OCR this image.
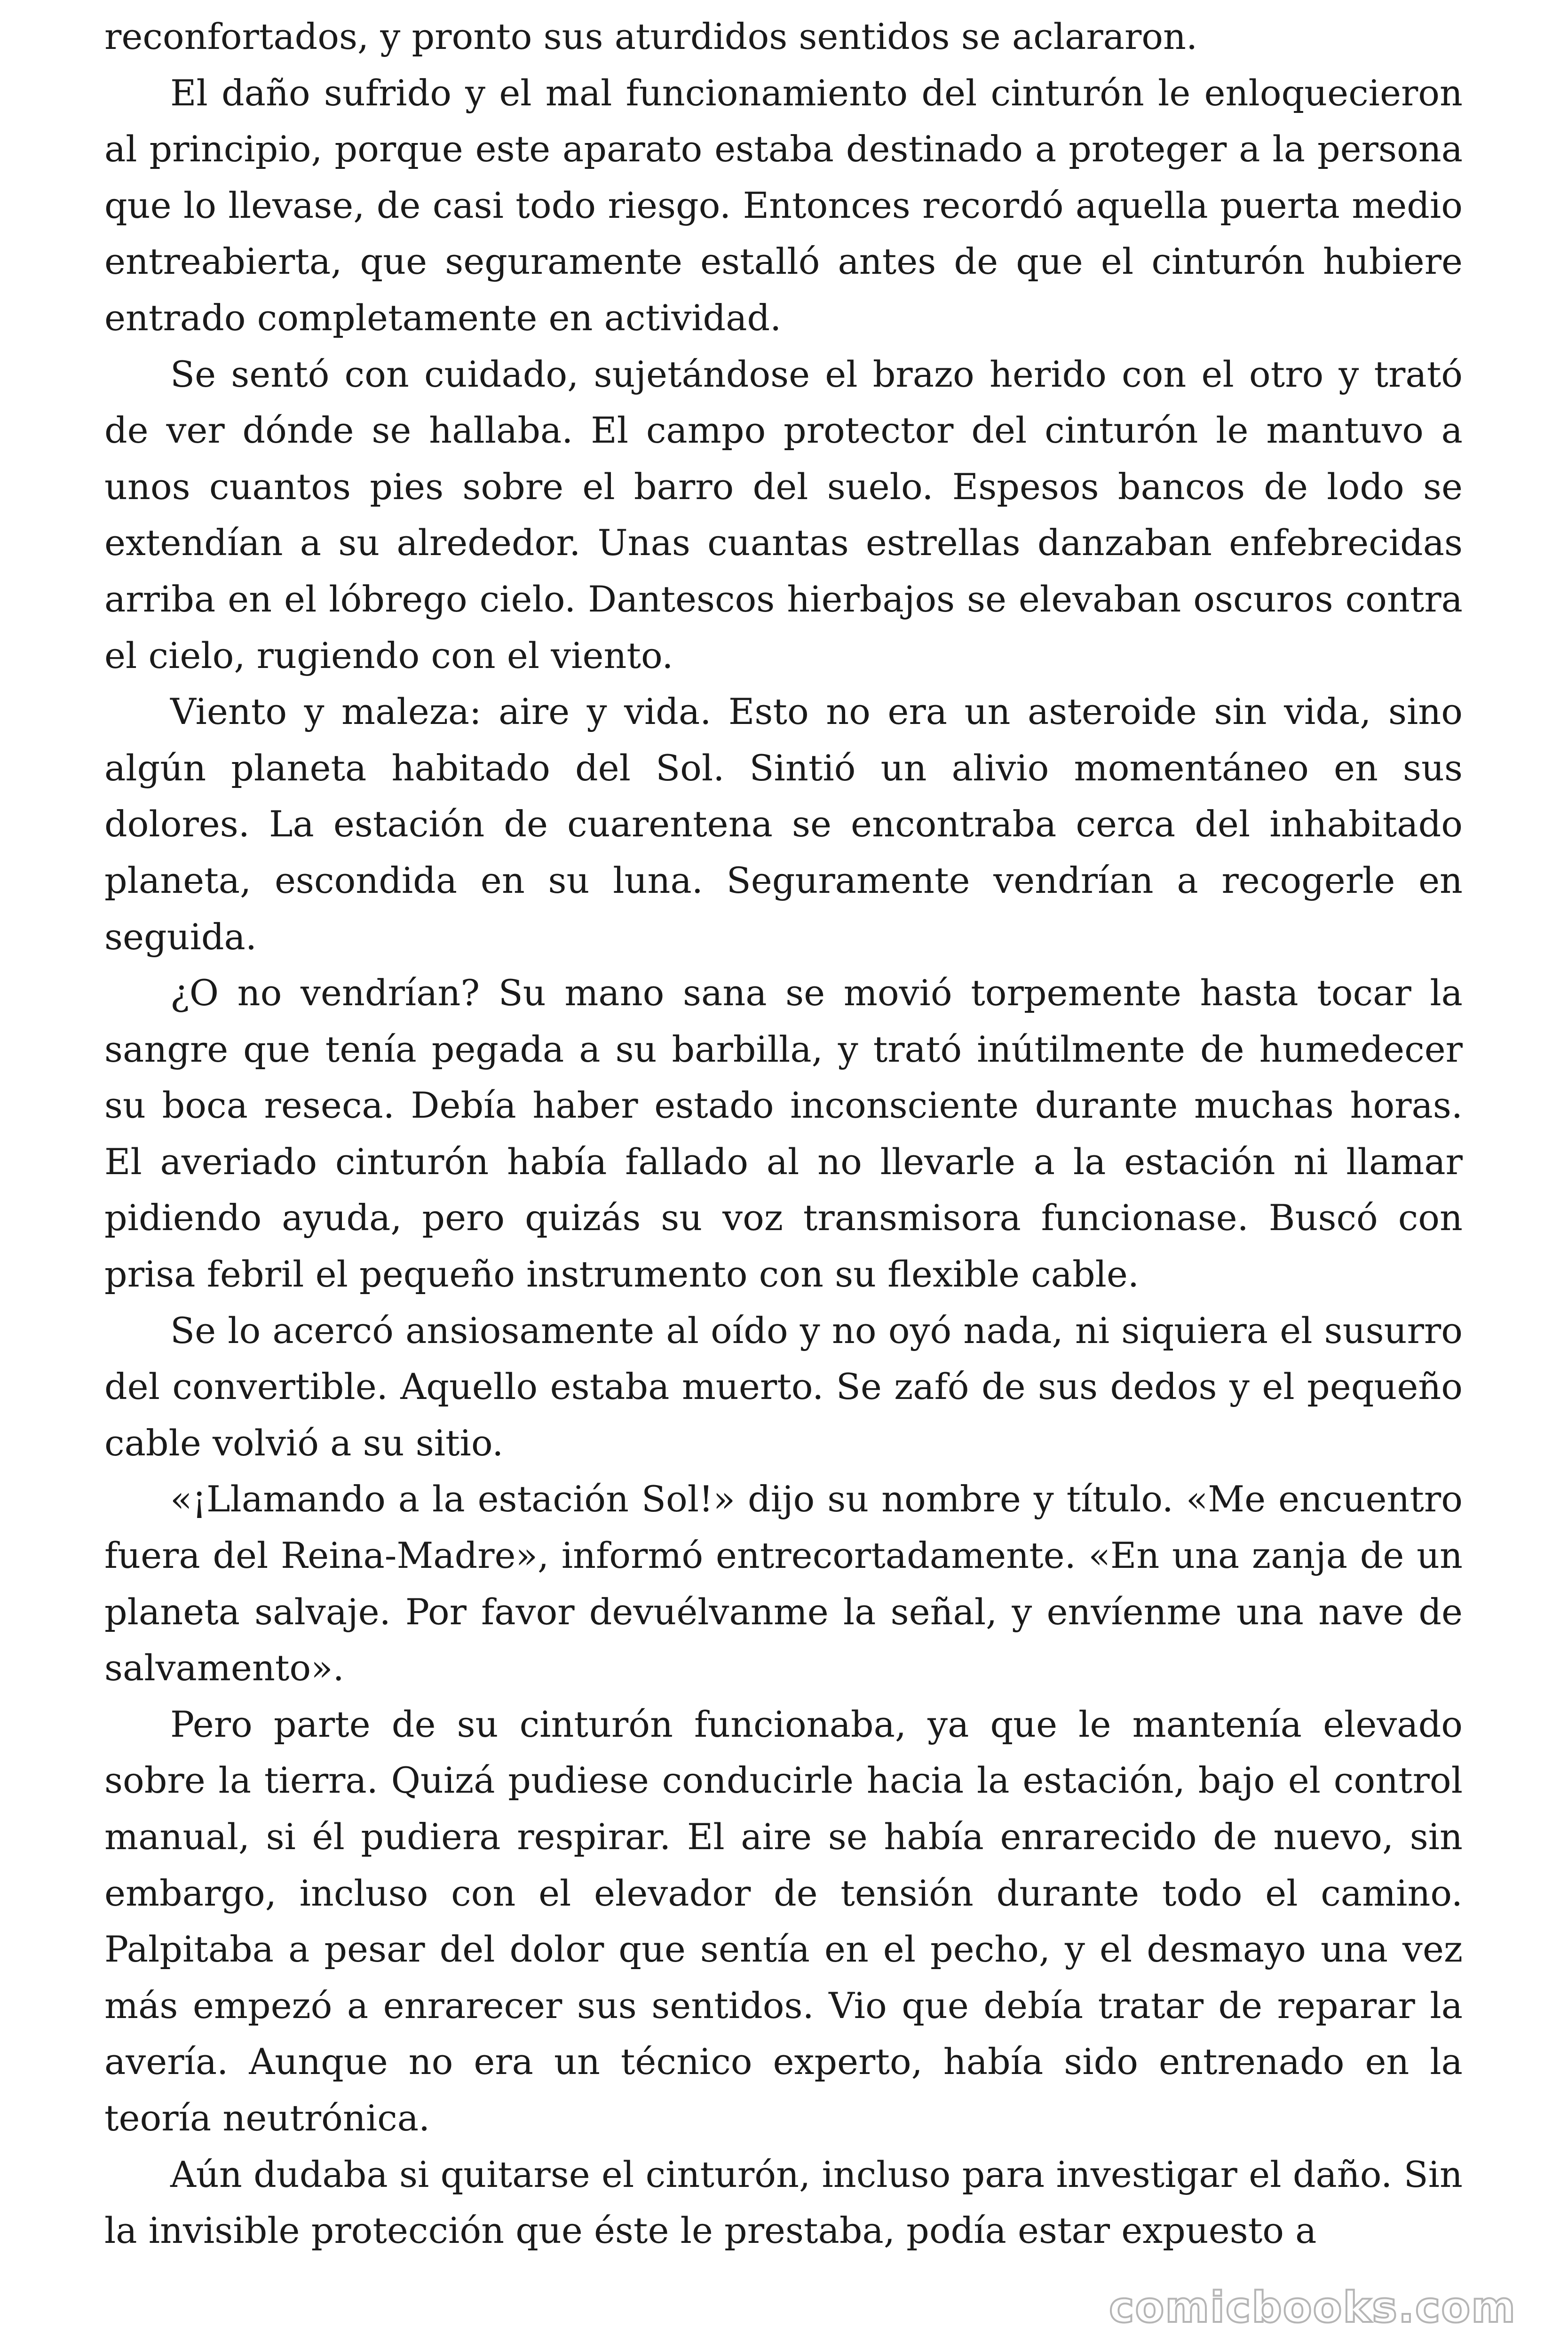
reconfortados, y pronto sus aturdidos sentidos se aclararon.

El daño sufrido y el mal funcionamiento del cinturón le enloquecieron al principio, porque este aparato estaba destinado a proteger a la persona que lo llevase, de casi todo riesgo. Entonces recordó aquella puerta medio entreabierta, que seguramente estalló antes de que el cinturón hubiere entrado completamente en actividad.

Se sentó con cuidado, sujetándose el brazo herido con el otro y trató de ver dónde se hallaba. El campo protector del cinturón le mantuvo a unos cuantos pies sobre el barro del suelo. Espesos bancos de lodo se extendían a su alrededor. Unas cuantas estrellas danzaban enfebrecidas arriba en el lóbrego cielo. Dantescos hierbajos se elevaban oscuros contra el cielo, rugiendo con el viento.

Viento y maleza: aire y vida. Esto no era un asteroide sin vida, sino algún planeta habitado del Sol. Sintió un alivio momentáneo en sus dolores. La estación de cuarentena se encontraba cerca del inhabitado planeta, escondida en su luna. Seguramente vendrían a recogerle en seguida.

¿O no vendrían? Su mano sana se movió torpemente hasta tocar la sangre que tenía pegada a su barbilla, y trató inútilmente de humedecer su boca reseca. Debía haber estado inconsciente durante muchas horas. El averiado cinturón había fallado al no llevarle a la estación ni llamar pidiendo ayuda, pero quizás su voz transmisora funcionase. Buscó con prisa febril el pequeño instrumento con su flexible cable.

Se lo acercó ansiosamente al oído y no oyó nada, ni siquiera el susurro del convertible. Aquello estaba muerto. Se zafó de sus dedos y el pequeño cable volvió a su sitio.

«¡Llamando a la estación Sol!» dijo su nombre y título. «Me encuentro fuera del Reina-Madre», informó entrecortadamente. «En una zanja de un planeta salvaje. Por favor devuélvanme la señal, y envíenme una nave de salvamento».

Pero parte de su cinturón funcionaba, ya que le mantenía elevado sobre la tierra. Quizá pudiese conducirle hacia la estación, bajo el control manual, si él pudiera respirar. El aire se había enrarecido de nuevo, sin embargo, incluso con el elevador de tensión durante todo el camino. Palpitaba a pesar del dolor que sentía en el pecho, y el desmayo una vez más empezó a enrarecer sus sentidos. Vio que debía tratar de reparar la avería. Aunque no era un técnico experto, había sido entrenado en la teoría neutrónica.

Aún dudaba si quitarse el cinturón, incluso para investigar el daño. Sin la invisible protección que éste le prestaba, podía estar expuesto a

comicbooks.com
